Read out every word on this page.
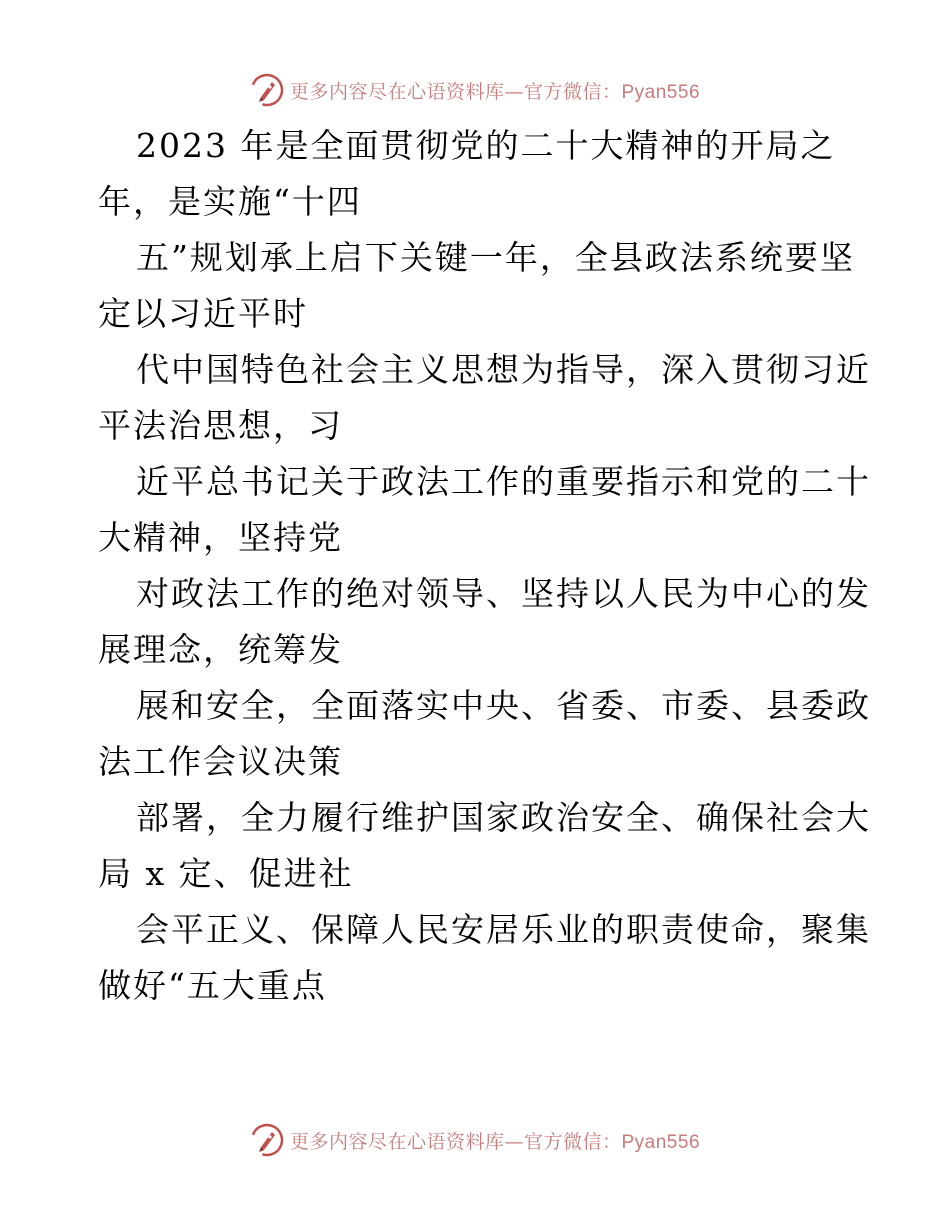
更多内容尽在心语资料库—官方微信：Pyan556
2023 年是全面贯彻党的二十大精神的开局之
年，是实施“十四
五”规划承上启下关键一年，全县政法系统要坚
定以习近平时
代中国特色社会主义思想为指导，深入贯彻习近
平法治思想，习
近平总书记关于政法工作的重要指示和党的二十
大精神，坚持党
对政法工作的绝对领导、坚持以人民为中心的发
展理念，统筹发
展和安全，全面落实中央、省委、市委、县委政
法工作会议决策
部署，全力履行维护国家政治安全、确保社会大
局 x 定、促进社
会平正义、保障人民安居乐业的职责使命，聚集
做好“五大重点
更多内容尽在心语资料库—官方微信：Pyan556
